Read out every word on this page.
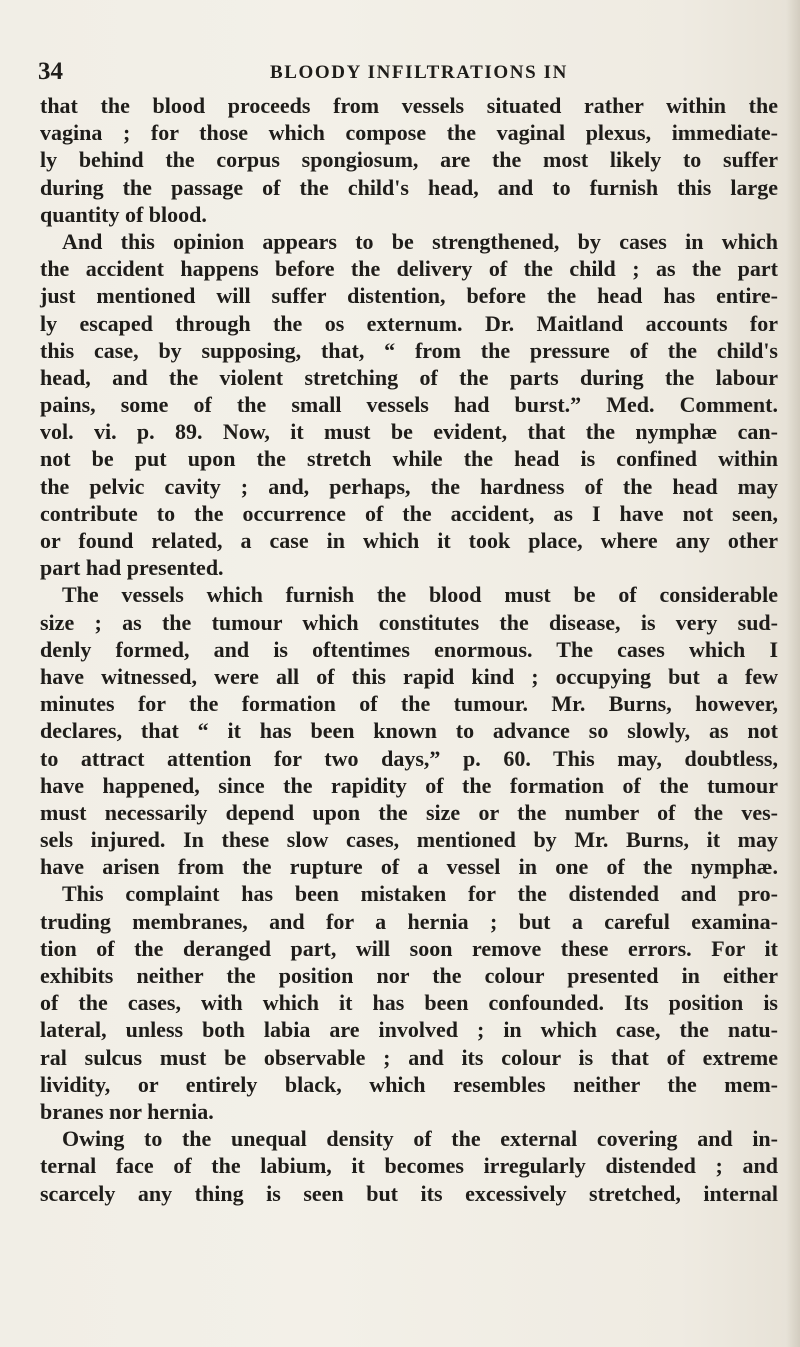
34	BLOODY INFILTRATIONS IN
that the blood proceeds from vessels situated rather within the
vagina ; for those which compose the vaginal plexus, immediate-
ly behind the corpus spongiosum, are the most likely to suffer
during the passage of the child's head, and to furnish this large
quantity of blood.
And this opinion appears to be strengthened, by cases in which
the accident happens before the delivery of the child ; as the part
just mentioned will suffer distention, before the head has entire-
ly escaped through the os externum. Dr. Maitland accounts for
this case, by supposing, that, “ from the pressure of the child's
head, and the violent stretching of the parts during the labour
pains, some of the small vessels had burst.” Med. Comment.
vol. vi. p. 89. Now, it must be evident, that the nymphæ can-
not be put upon the stretch while the head is confined within
the pelvic cavity ; and, perhaps, the hardness of the head may
contribute to the occurrence of the accident, as I have not seen,
or found related, a case in which it took place, where any other
part had presented.
The vessels which furnish the blood must be of considerable
size ; as the tumour which constitutes the disease, is very sud-
denly formed, and is oftentimes enormous. The cases which I
have witnessed, were all of this rapid kind ; occupying but a few
minutes for the formation of the tumour. Mr. Burns, however,
declares, that “ it has been known to advance so slowly, as not
to attract attention for two days,” p. 60. This may, doubtless,
have happened, since the rapidity of the formation of the tumour
must necessarily depend upon the size or the number of the ves-
sels injured. In these slow cases, mentioned by Mr. Burns, it may
have arisen from the rupture of a vessel in one of the nymphæ.
This complaint has been mistaken for the distended and pro-
truding membranes, and for a hernia ; but a careful examina-
tion of the deranged part, will soon remove these errors. For it
exhibits neither the position nor the colour presented in either
of the cases, with which it has been confounded. Its position is
lateral, unless both labia are involved ; in which case, the natu-
ral sulcus must be observable ; and its colour is that of extreme
lividity, or entirely black, which resembles neither the mem-
branes nor hernia.
Owing to the unequal density of the external covering and in-
ternal face of the labium, it becomes irregularly distended ; and
scarcely any thing is seen but its excessively stretched, internal
